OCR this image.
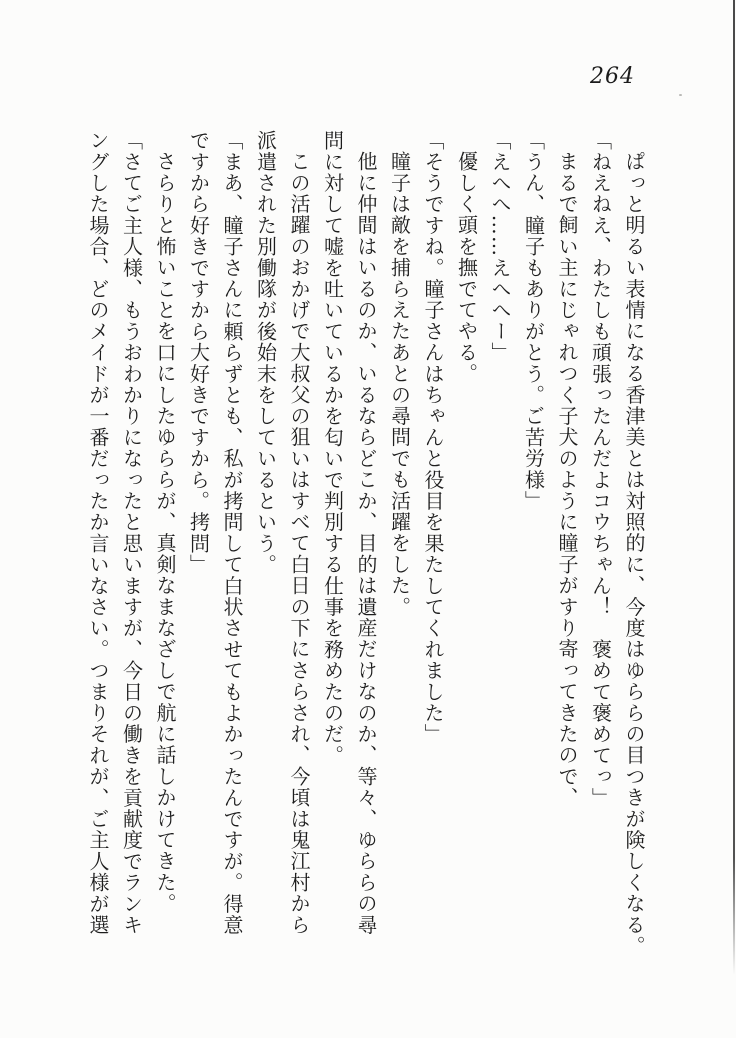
264
ぱっと明るい表情になる香津美とは対照的に、今度はゆららの目つきが険しくなる。
「ねえねえ、わたしも頑張ったんだよコウちゃん！　褒めて褒めてっ」
まるで飼い主にじゃれつく子犬のように瞳子がすり寄ってきたので、
「うん、瞳子もありがとう。ご苦労様」
「えへへ……えへへー」
優しく頭を撫でてやる。
「そうですね。瞳子さんはちゃんと役目を果たしてくれました」
瞳子は敵を捕らえたあとの尋問でも活躍をした。
他に仲間はいるのか、いるならどこか、目的は遺産だけなのか、等々、ゆららの尋
問に対して嘘を吐いているかを匂いで判別する仕事を務めたのだ。
この活躍のおかげで大叔父の狙いはすべて白日の下にさらされ、今頃は鬼江村から
派遣された別働隊が後始末をしているという。
「まあ、瞳子さんに頼らずとも、私が拷問して白状させてもよかったんですが。得意
ですから好きですから大好きですから。拷問」
さらりと怖いことを口にしたゆららが、真剣なまなざしで航に話しかけてきた。
「さてご主人様、もうおわかりになったと思いますが、今日の働きを貢献度でランキ
ングした場合、どのメイドが一番だったか言いなさい。つまりそれが、ご主人様が選
